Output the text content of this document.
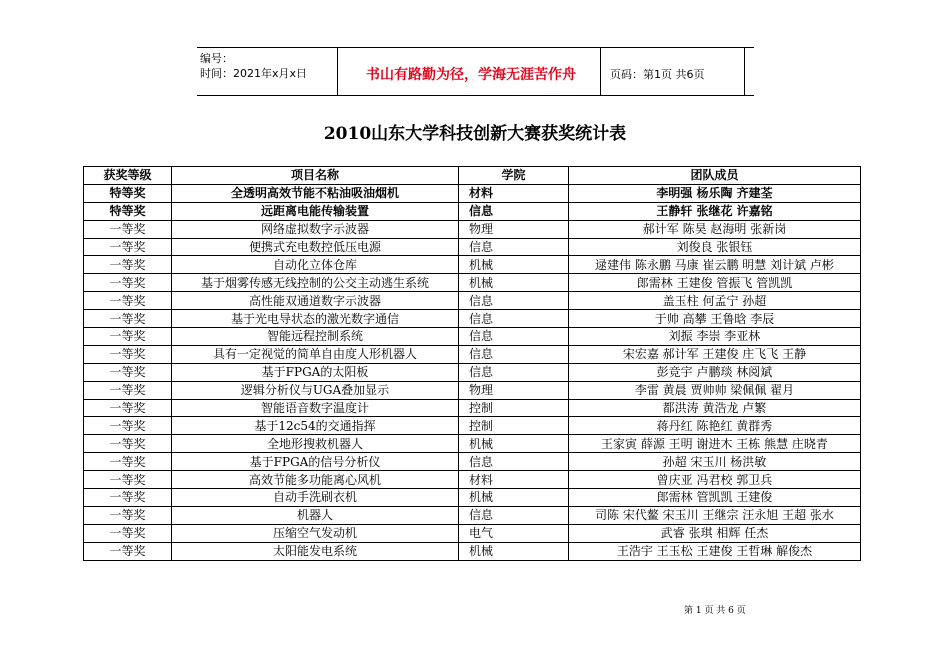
编号：
时间：2021年x月x日	书山有路勤为径，学海无涯苦作舟	页码：第1页 共6页
2010山东大学科技创新大赛获奖统计表
获奖等级	项目名称	学院	团队成员
特等奖	全透明高效节能不粘油吸油烟机	材料	李明强 杨乐陶 齐建荃
特等奖	远距离电能传输装置	信息	王静轩 张继花 许嘉铭
一等奖	网络虚拟数字示波器	物理	郝计军 陈昊 赵海明 张新岗
一等奖	便携式充电数控低压电源	信息	刘俊良 张银钰
一等奖	自动化立体仓库	机械	逯建伟 陈永鹏 马康 崔云鹏 明慧 刘计斌 卢彬
一等奖	基于烟雾传感无线控制的公交主动逃生系统	机械	郎需林 王建俊 管振飞 管凯凯
一等奖	高性能双通道数字示波器	信息	盖玉柱 何孟宁 孙超
一等奖	基于光电导状态的激光数字通信	信息	于帅 高攀 王鲁晗 李辰
一等奖	智能远程控制系统	信息	刘振 李崇 李亚林
一等奖	具有一定视觉的简单自由度人形机器人	信息	宋宏嘉 郝计军 王建俊 庄飞飞 王静
一等奖	基于FPGA的太阳板	信息	彭竞宇 卢鹏琰 林阅斌
一等奖	逻辑分析仪与UGA叠加显示	物理	李雷 黄晨 贾帅帅 梁佩佩 翟月
一等奖	智能语音数字温度计	控制	都洪涛 黄浩龙 卢繁
一等奖	基于12c54的交通指挥	控制	蒋丹红 陈艳红 黄群秀
一等奖	全地形搜救机器人	机械	王家寅 薛源 王明 谢进木 王栋 熊慧 庄晓青
一等奖	基于FPGA的信号分析仪	信息	孙超 宋玉川 杨洪敏
一等奖	高效节能多功能离心风机	材料	曾庆亚 冯君校 郭卫兵
一等奖	自动手洗刷衣机	机械	郎需林 管凯凯 王建俊
一等奖	机器人	信息	司陈 宋代鳌 宋玉川 王继宗 汪永旭 王超 张水
一等奖	压缩空气发动机	电气	武睿 张琪 相辉 任杰
一等奖	太阳能发电系统	机械	王浩宇 王玉松 王建俊 王哲琳 解俊杰
第 1 页 共 6 页
